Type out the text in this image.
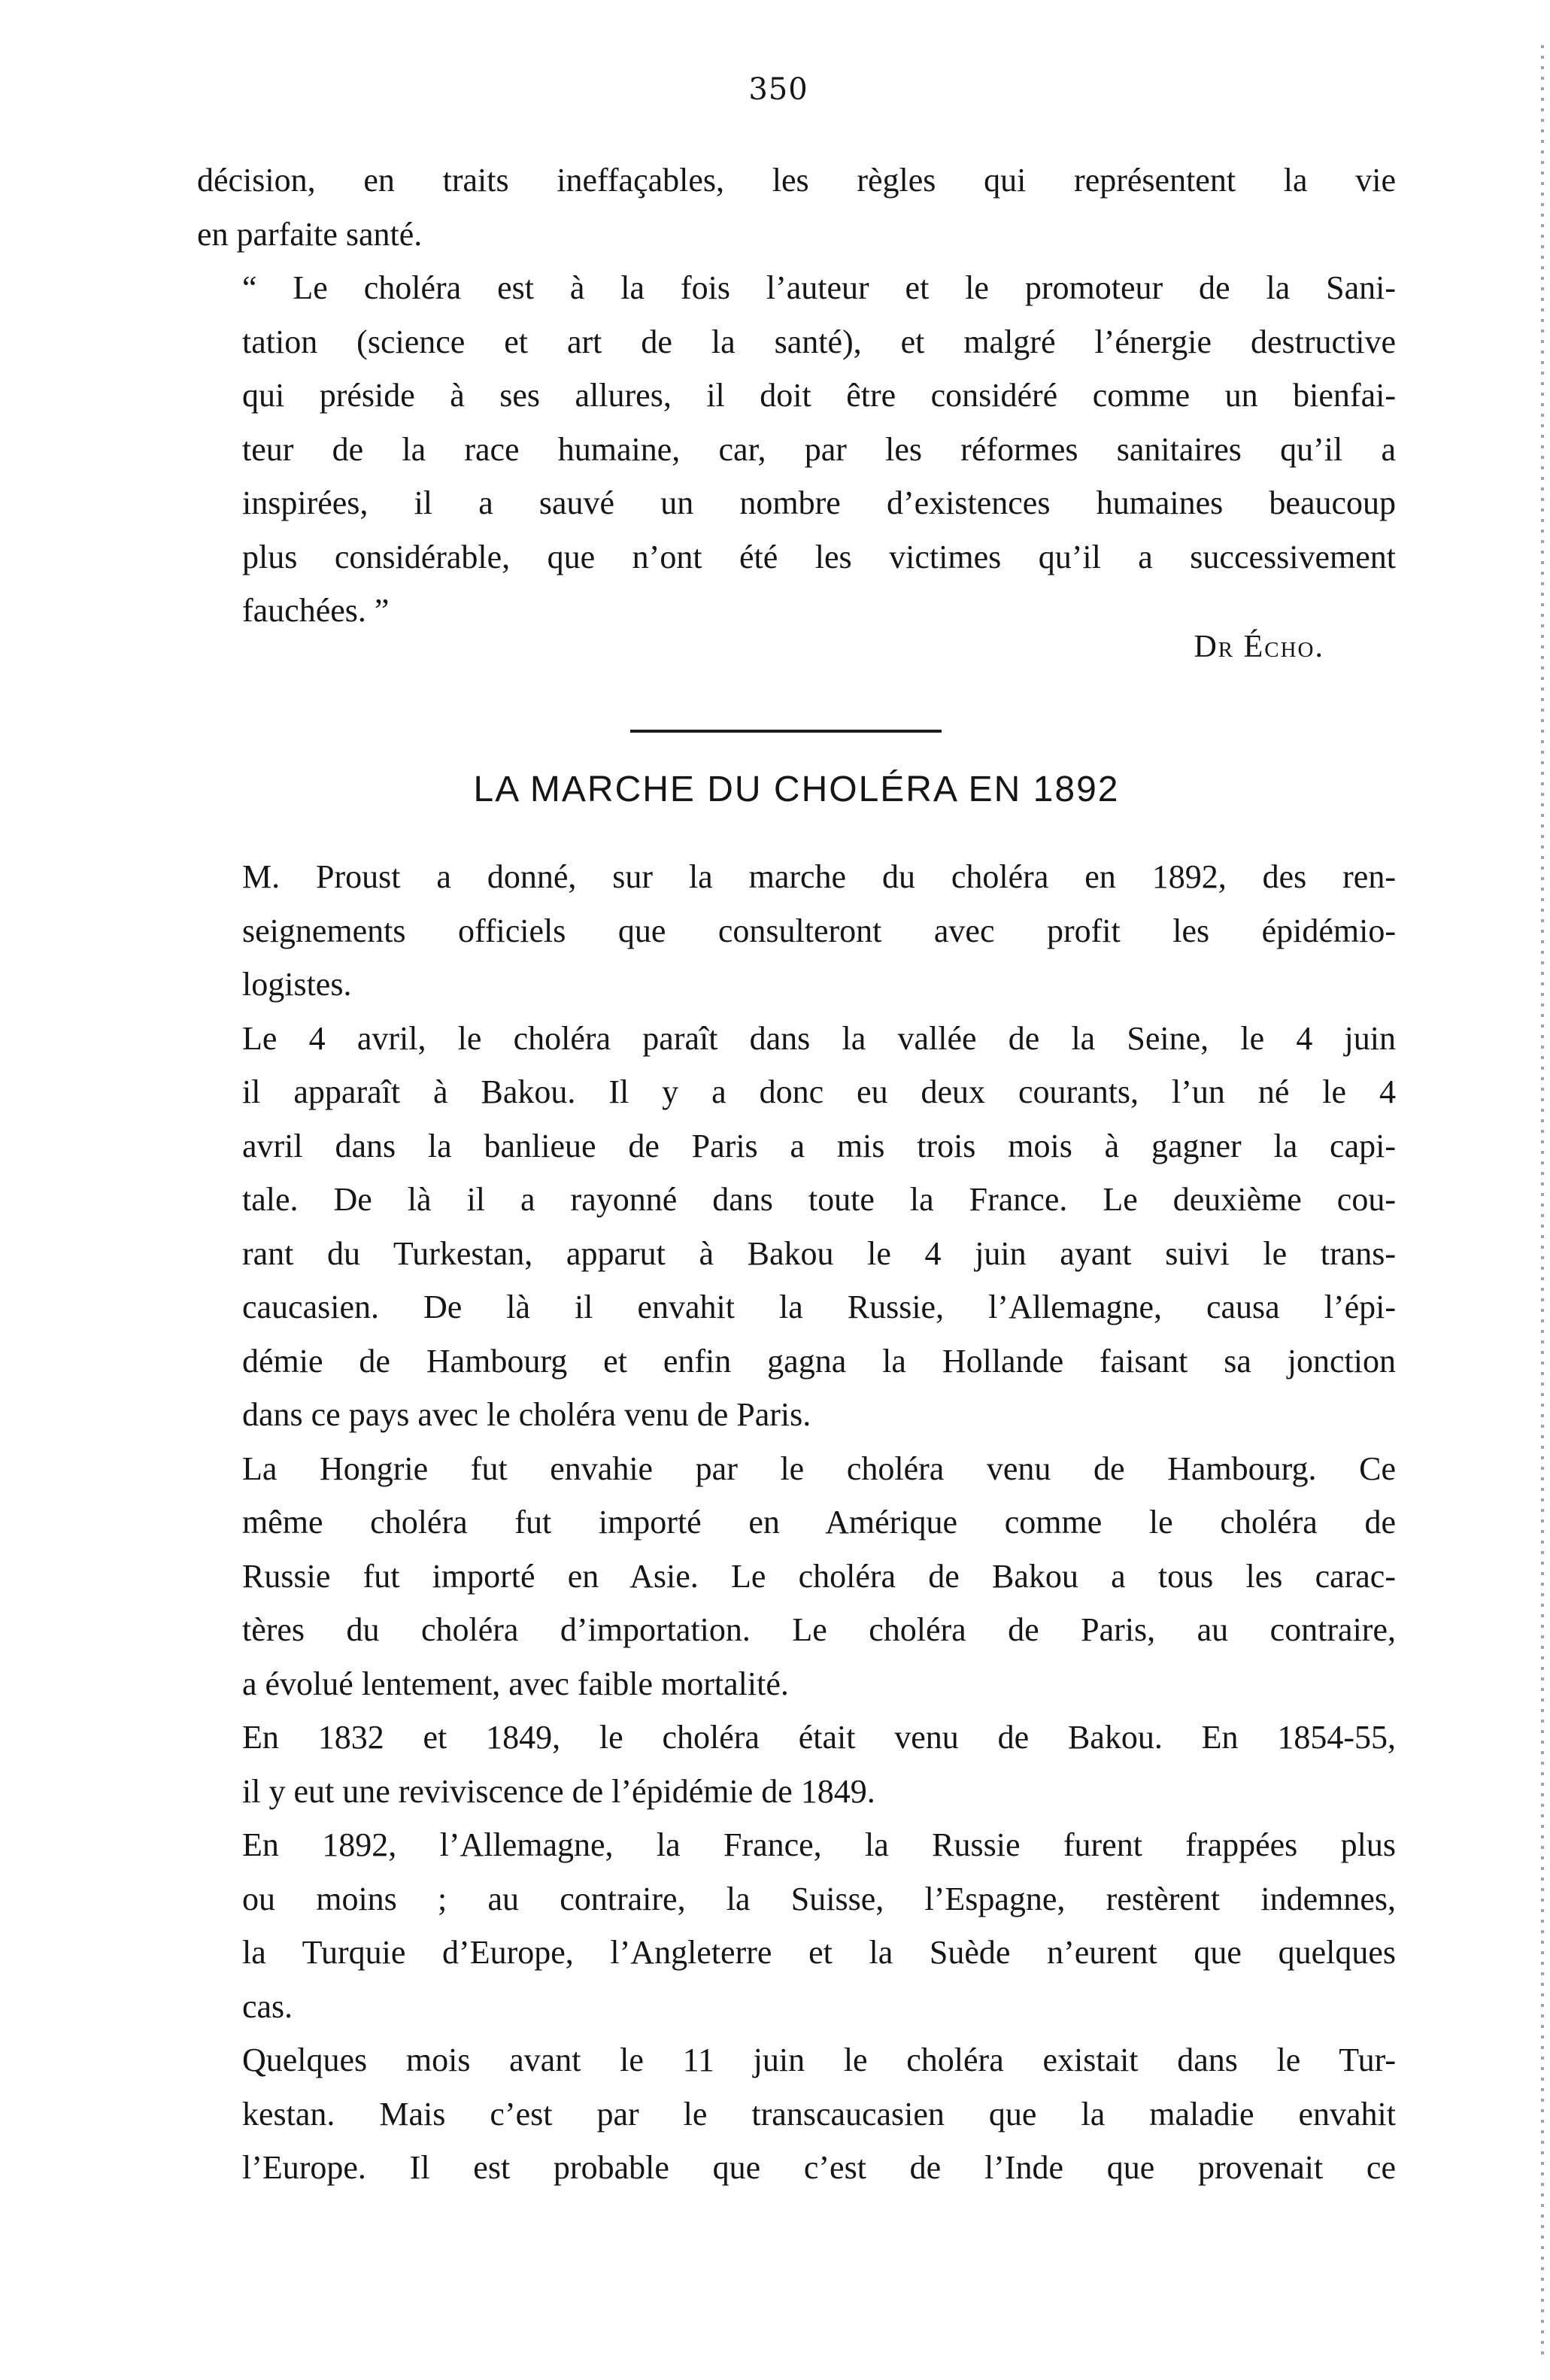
350
décision, en traits ineffaçables, les règles qui représentent la vie
en parfaite santé.
“ Le choléra est à la fois l’auteur et le promoteur de la Sani-
tation (science et art de la santé), et malgré l’énergie destructive
qui préside à ses allures, il doit être considéré comme un bienfai-
teur de la race humaine, car, par les réformes sanitaires qu’il a
inspirées, il a sauvé un nombre d’existences humaines beaucoup
plus considérable, que n’ont été les victimes qu’il a successivement
fauchées. ”
Dr Écho.
LA MARCHE DU CHOLÉRA EN 1892
M. Proust a donné, sur la marche du choléra en 1892, des ren-
seignements officiels que consulteront avec profit les épidémio-
logistes.
Le 4 avril, le choléra paraît dans la vallée de la Seine, le 4 juin
il apparaît à Bakou. Il y a donc eu deux courants, l’un né le 4
avril dans la banlieue de Paris a mis trois mois à gagner la capi-
tale. De là il a rayonné dans toute la France. Le deuxième cou-
rant du Turkestan, apparut à Bakou le 4 juin ayant suivi le trans-
caucasien. De là il envahit la Russie, l’Allemagne, causa l’épi-
démie de Hambourg et enfin gagna la Hollande faisant sa jonction
dans ce pays avec le choléra venu de Paris.
La Hongrie fut envahie par le choléra venu de Hambourg. Ce
même choléra fut importé en Amérique comme le choléra de
Russie fut importé en Asie. Le choléra de Bakou a tous les carac-
tères du choléra d’importation. Le choléra de Paris, au contraire,
a évolué lentement, avec faible mortalité.
En 1832 et 1849, le choléra était venu de Bakou. En 1854-55,
il y eut une reviviscence de l’épidémie de 1849.
En 1892, l’Allemagne, la France, la Russie furent frappées plus
ou moins ; au contraire, la Suisse, l’Espagne, restèrent indemnes,
la Turquie d’Europe, l’Angleterre et la Suède n’eurent que quelques
cas.
Quelques mois avant le 11 juin le choléra existait dans le Tur-
kestan. Mais c’est par le transcaucasien que la maladie envahit
l’Europe. Il est probable que c’est de l’Inde que provenait ce
